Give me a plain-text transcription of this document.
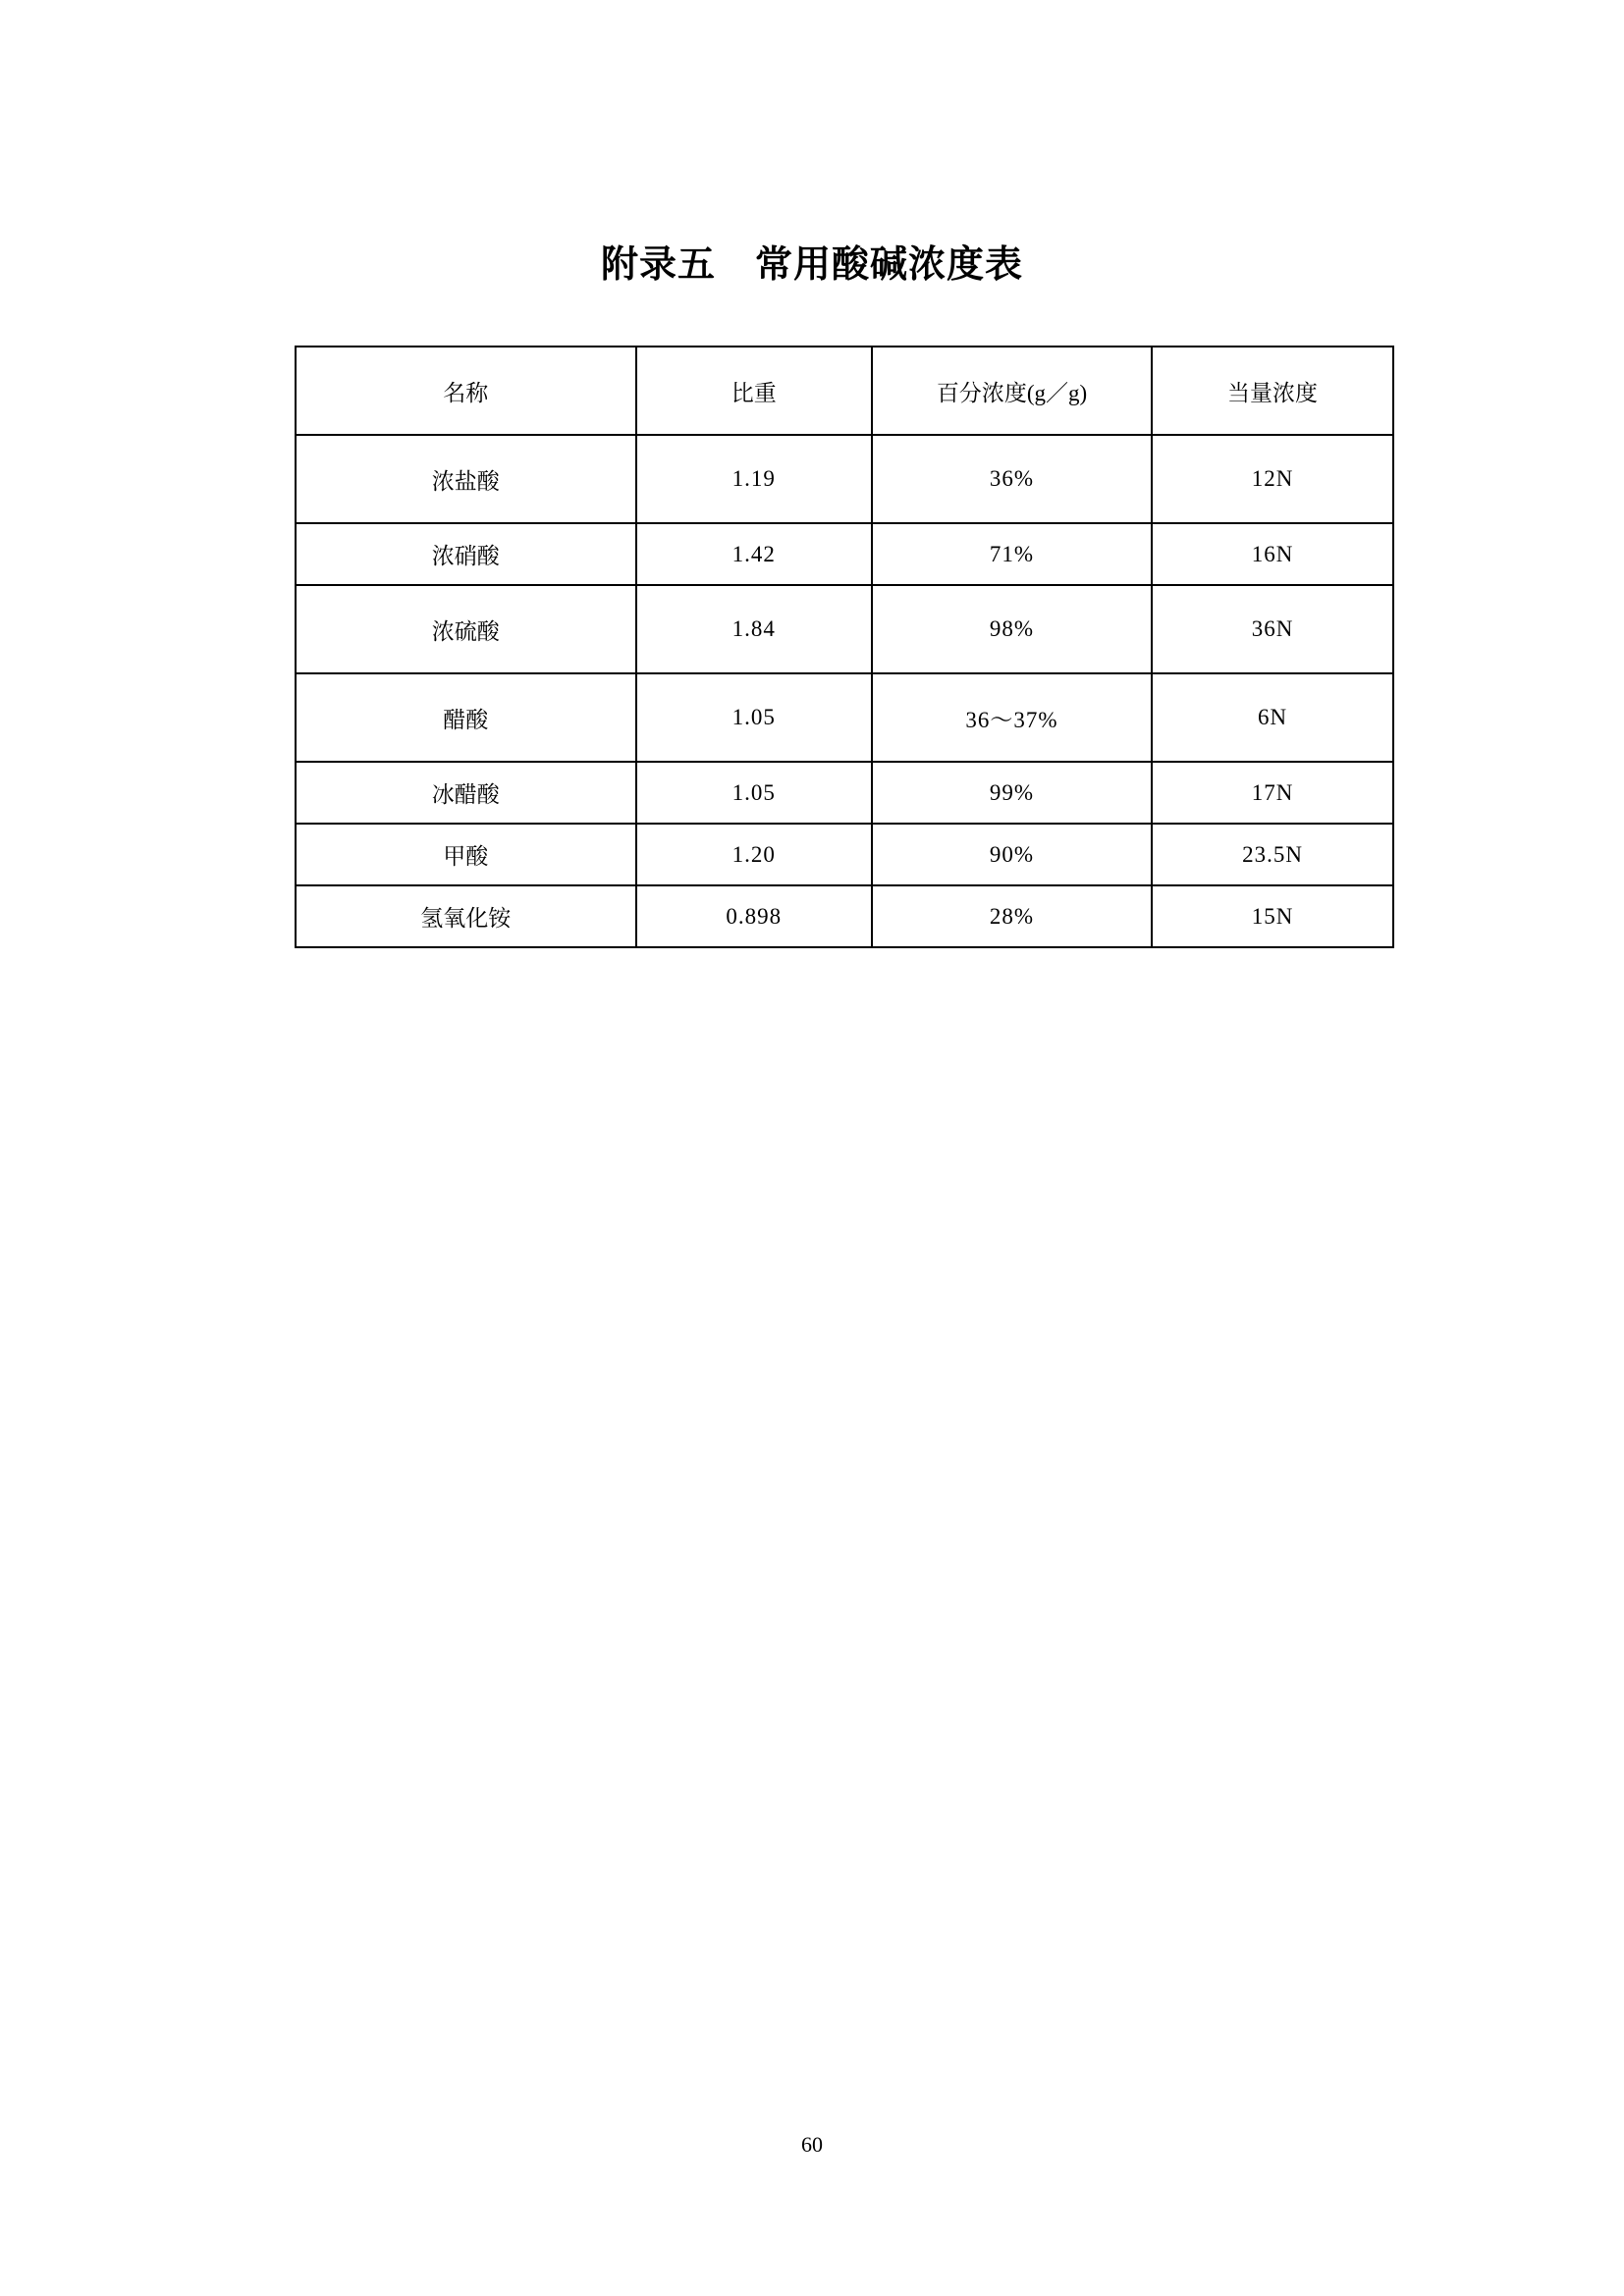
附录五 常用酸碱浓度表
名称	比重	百分浓度(g／g)	当量浓度
浓盐酸	1.19	36%	12N
浓硝酸	1.42	71%	16N
浓硫酸	1.84	98%	36N
醋酸	1.05	36～37%	6N
冰醋酸	1.05	99%	17N
甲酸	1.20	90%	23.5N
氢氧化铵	0.898	28%	15N
60
